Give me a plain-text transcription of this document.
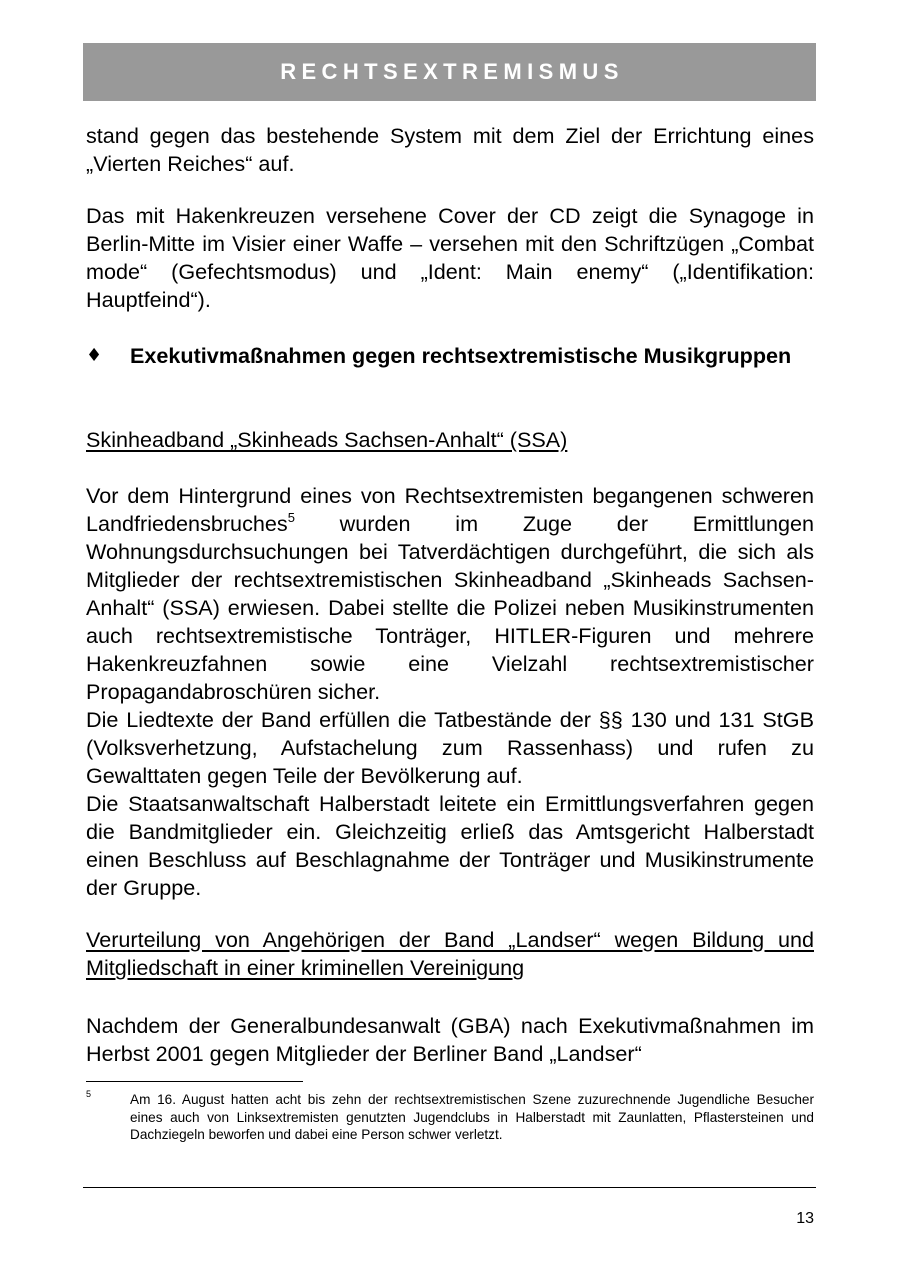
RECHTSEXTREMISMUS

stand gegen das bestehende System mit dem Ziel der Errichtung eines „Vierten Reiches“ auf.

Das mit Hakenkreuzen versehene Cover der CD zeigt die Synagoge in Berlin-Mitte im Visier einer Waffe – versehen mit den Schriftzügen „Combat mode“ (Gefechtsmodus) und „Ident: Main enemy“ („Identifikation: Hauptfeind“).

♦	Exekutivmaßnahmen gegen rechtsextremistische Musikgruppen

Skinheadband „Skinheads Sachsen-Anhalt“ (SSA)

Vor dem Hintergrund eines von Rechtsextremisten begangenen schweren Landfriedensbruches$^5$ wurden im Zuge der Ermittlungen Wohnungsdurchsuchungen bei Tatverdächtigen durchgeführt, die sich als Mitglieder der rechtsextremistischen Skinheadband „Skinheads Sachsen-Anhalt“ (SSA) erwiesen. Dabei stellte die Polizei neben Musikinstrumenten auch rechtsextremistische Tonträger, HITLER-Figuren und mehrere Hakenkreuzfahnen sowie eine Vielzahl rechtsextremistischer Propagandabroschüren sicher.

Die Liedtexte der Band erfüllen die Tatbestände der §§ 130 und 131 StGB (Volksverhetzung, Aufstachelung zum Rassenhass) und rufen zu Gewalttaten gegen Teile der Bevölkerung auf.

Die Staatsanwaltschaft Halberstadt leitete ein Ermittlungsverfahren gegen die Bandmitglieder ein. Gleichzeitig erließ das Amtsgericht Halberstadt einen Beschluss auf Beschlagnahme der Tonträger und Musikinstrumente der Gruppe.

Verurteilung von Angehörigen der Band „Landser“ wegen Bildung und Mitgliedschaft in einer kriminellen Vereinigung

Nachdem der Generalbundesanwalt (GBA) nach Exekutivmaßnahmen im Herbst 2001 gegen Mitglieder der Berliner Band „Landser“

5	Am 16. August hatten acht bis zehn der rechtsextremistischen Szene zuzurechnende Jugendliche Besucher eines auch von Linksextremisten genutzten Jugendclubs in Halberstadt mit Zaunlatten, Pflastersteinen und Dachziegeln beworfen und dabei eine Person schwer verletzt.
13
